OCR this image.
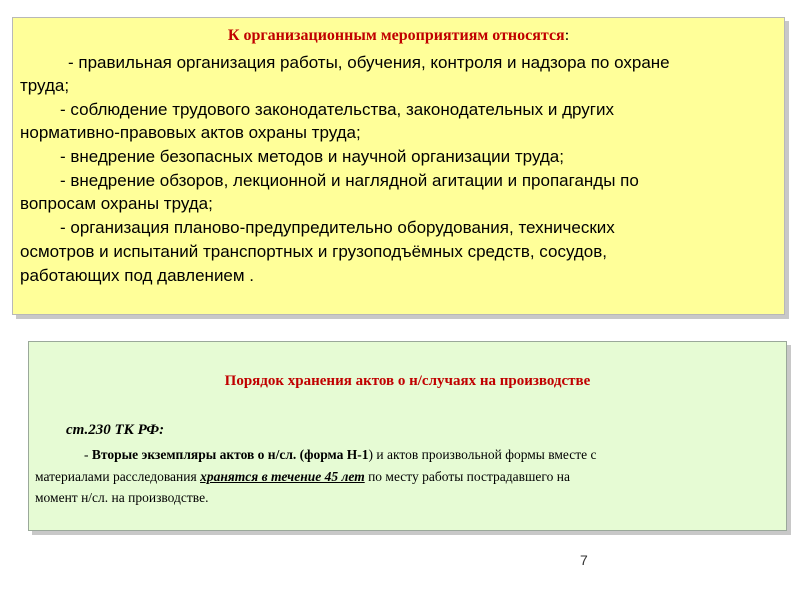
К организационным мероприятиям относятся:
- правильная организация работы, обучения, контроля и надзора по охране
труда;
- соблюдение трудового законодательства, законодательных и других
нормативно-правовых актов охраны труда;
- внедрение безопасных методов и научной организации труда;
- внедрение обзоров, лекционной и наглядной агитации и пропаганды по
вопросам охраны труда;
- организация планово-предупредительно оборудования, технических
осмотров и испытаний транспортных и грузоподъёмных средств, сосудов,
работающих под давлением .
Порядок хранения актов о н/случаях на производстве
ст.230 ТК РФ:
- Вторые экземпляры актов о н/сл. (форма Н-1) и актов произвольной формы вместе с
материалами расследования хранятся в течение 45 лет по месту работы пострадавшего на
момент н/сл. на производстве.
7
